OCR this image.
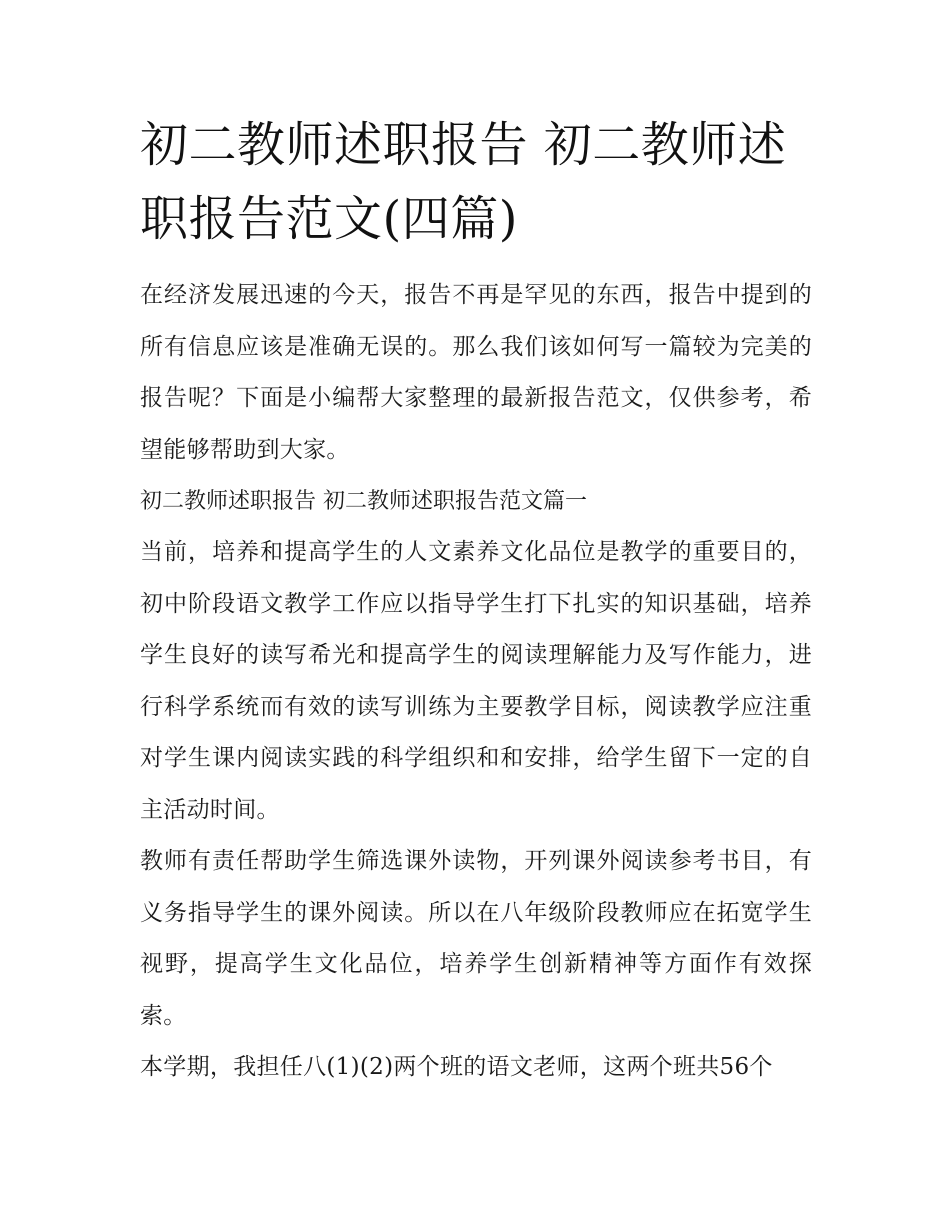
初二教师述职报告 初二教师述职报告范文(四篇)

在经济发展迅速的今天，报告不再是罕见的东西，报告中提到的所有信息应该是准确无误的。那么我们该如何写一篇较为完美的报告呢？下面是小编帮大家整理的最新报告范文，仅供参考，希望能够帮助到大家。

初二教师述职报告 初二教师述职报告范文篇一

当前，培养和提高学生的人文素养文化品位是教学的重要目的，初中阶段语文教学工作应以指导学生打下扎实的知识基础，培养学生良好的读写希光和提高学生的阅读理解能力及写作能力，进行科学系统而有效的读写训练为主要教学目标，阅读教学应注重对学生课内阅读实践的科学组织和和安排，给学生留下一定的自主活动时间。

教师有责任帮助学生筛选课外读物，开列课外阅读参考书目，有义务指导学生的课外阅读。所以在八年级阶段教师应在拓宽学生视野，提高学生文化品位，培养学生创新精神等方面作有效探索。

本学期，我担任八(1)(2)两个班的语文老师，这两个班共56个
